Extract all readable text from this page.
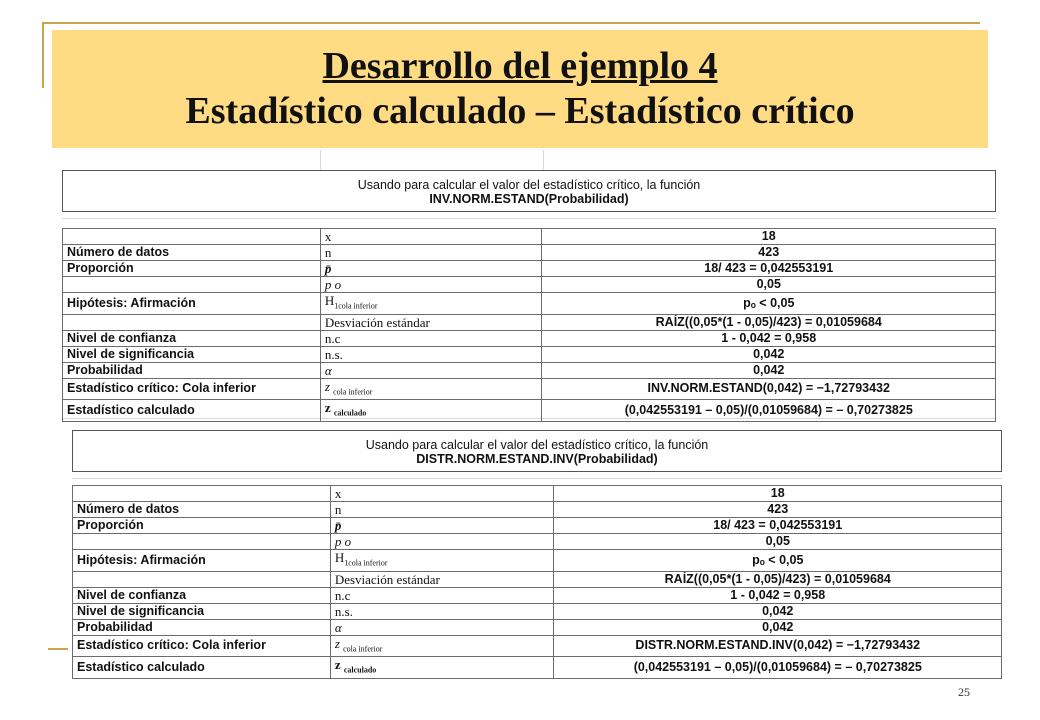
Desarrollo del ejemplo 4
Estadístico calculado – Estadístico crítico
Usando para calcular el valor del estadístico crítico, la función
INV.NORM.ESTAND(Probabilidad)
	x	18
Número de datos	n	423
Proporción	p̄	18/ 423 = 0,042553191
	p o	0,05
Hipótesis: Afirmación	$H_{1cola inferior}$	pₒ < 0,05
	Desviación estándar	RAÍZ((0,05*(1 - 0,05)/423) = 0,01059684
Nivel de confianza	n.c	1 - 0,042 = 0,958
Nivel de significancia	n.s.	0,042
Probabilidad	α	0,042
Estadístico crítico: Cola inferior	z $_{cola inferior}$	INV.NORM.ESTAND(0,042) = −1,72793432
Estadístico calculado	z $_{calculado}$	(0,042553191 – 0,05)/(0,01059684) = – 0,70273825
Usando para calcular el valor del estadístico crítico, la función
DISTR.NORM.ESTAND.INV(Probabilidad)
	x	18
Número de datos	n	423
Proporción	p̄	18/ 423 = 0,042553191
	p o	0,05
Hipótesis: Afirmación	$H_{1cola inferior}$	pₒ < 0,05
	Desviación estándar	RAÍZ((0,05*(1 - 0,05)/423) = 0,01059684
Nivel de confianza	n.c	1 - 0,042 = 0,958
Nivel de significancia	n.s.	0,042
Probabilidad	α	0,042
Estadístico crítico: Cola inferior	z $_{cola inferior}$	DISTR.NORM.ESTAND.INV(0,042) = −1,72793432
Estadístico calculado	z $_{calculado}$	(0,042553191 – 0,05)/(0,01059684) = – 0,70273825
25
